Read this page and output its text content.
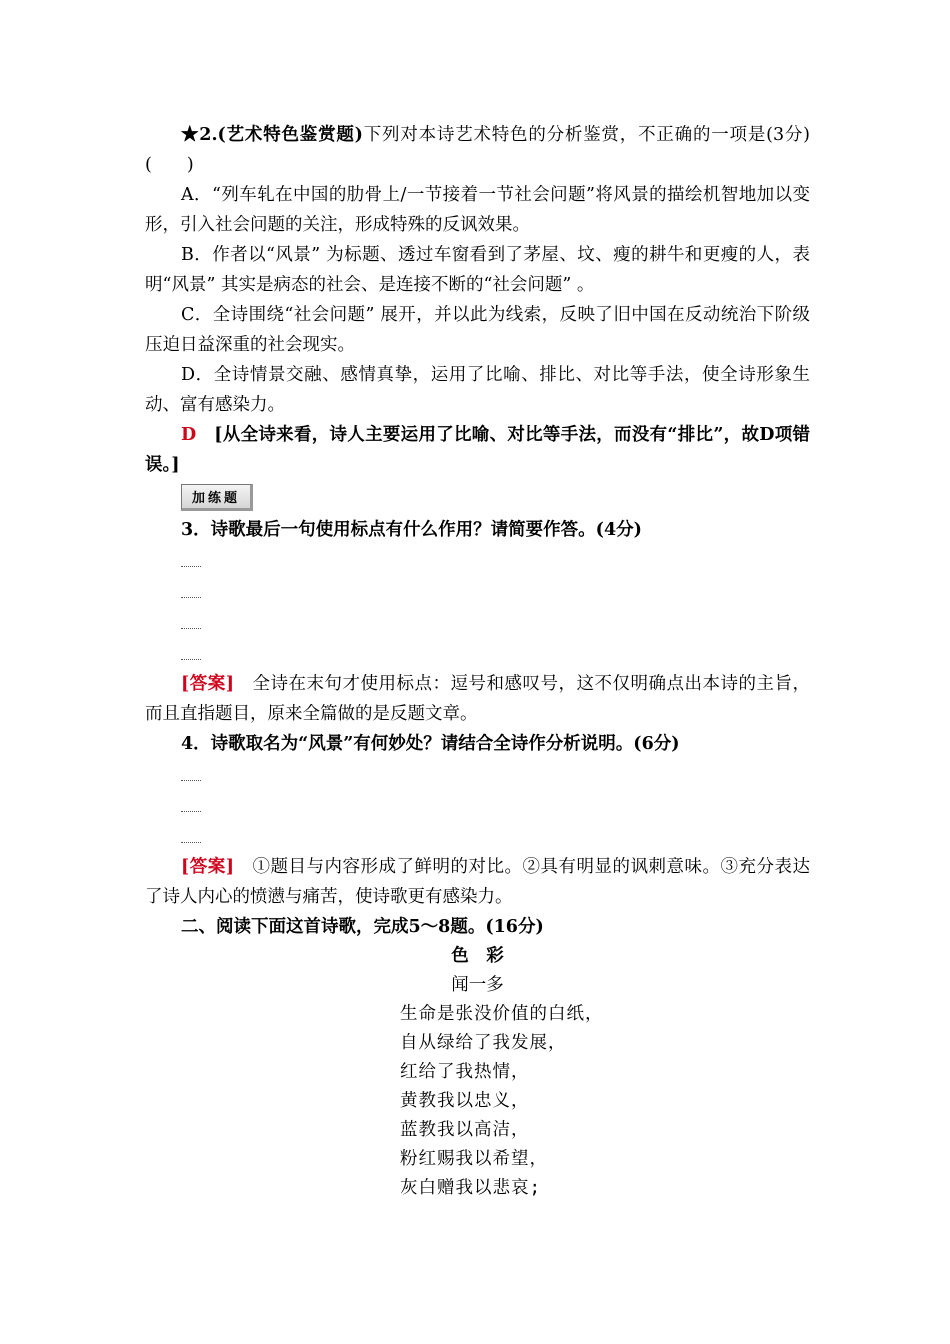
★2.(艺术特色鉴赏题)下列对本诗艺术特色的分析鉴赏，不正确的一项是(3分)(　　)

A．“列车轧在中国的肋骨上/一节接着一节社会问题”将风景的描绘机智地加以变形，引入社会问题的关注，形成特殊的反讽效果。

B．作者以“风景” 为标题、透过车窗看到了茅屋、坟、瘦的耕牛和更瘦的人，表明“风景” 其实是病态的社会、是连接不断的“社会问题” 。

C．全诗围绕“社会问题” 展开，并以此为线索，反映了旧中国在反动统治下阶级压迫日益深重的社会现实。

D．全诗情景交融、感情真挚，运用了比喻、排比、对比等手法，使全诗形象生动、富有感染力。

D　[从全诗来看，诗人主要运用了比喻、对比等手法，而没有“排比”，故D项错误。]

加练题

3．诗歌最后一句使用标点有什么作用？请简要作答。(4分)

[答案]　全诗在末句才使用标点：逗号和感叹号，这不仅明确点出本诗的主旨，而且直指题目，原来全篇做的是反题文章。

4．诗歌取名为“风景”有何妙处？请结合全诗作分析说明。(6分)

[答案]　①题目与内容形成了鲜明的对比。②具有明显的讽刺意味。③充分表达了诗人内心的愤懑与痛苦，使诗歌更有感染力。

二、阅读下面这首诗歌，完成5～8题。(16分)

色　彩
闻一多
生命是张没价值的白纸，
自从绿给了我发展，
红给了我热情，
黄教我以忠义，
蓝教我以高洁，
粉红赐我以希望，
灰白赠我以悲哀;
